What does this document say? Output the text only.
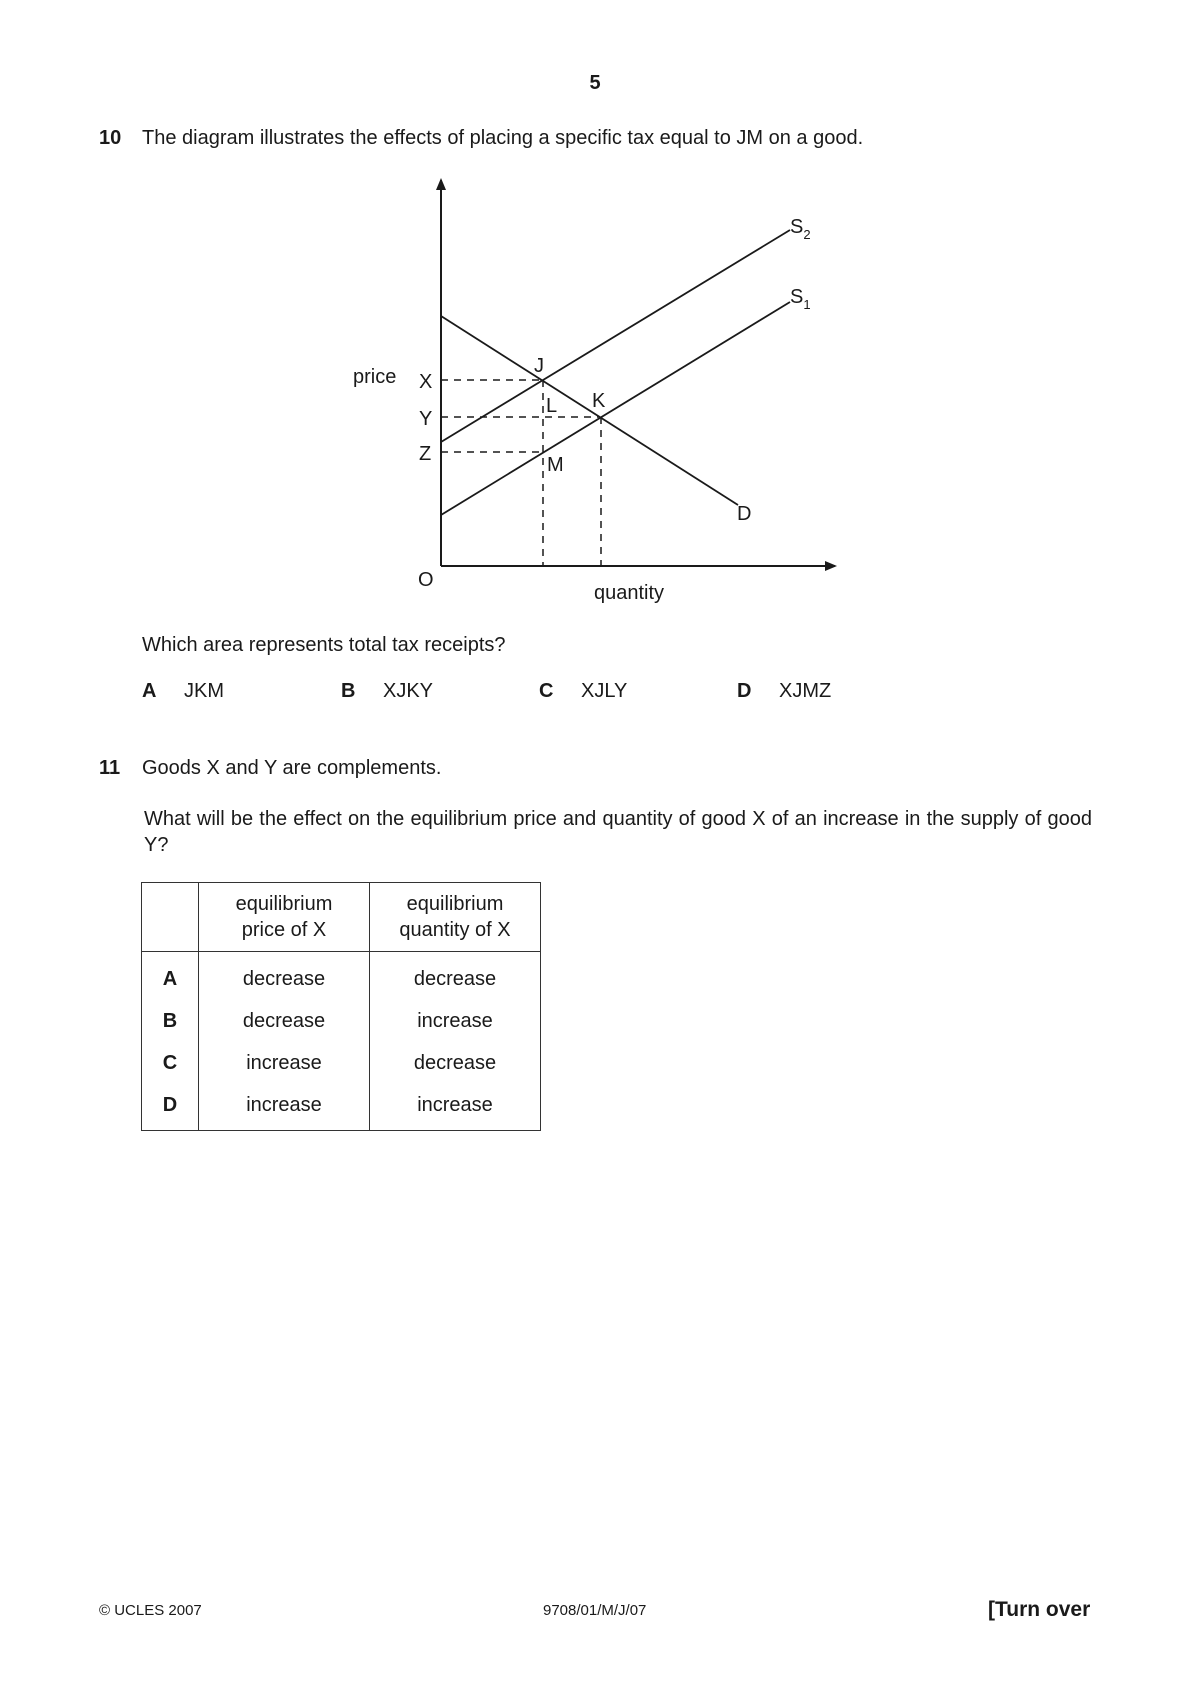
5
10 The diagram illustrates the effects of placing a specific tax equal to JM on a good.
price
quantity
O
X
Y
Z
J
K
L
M
$S_2$
$S_1$
D
Which area represents total tax receipts?
A JKM	B XJKY	C XJLY	D XJMZ
11 Goods X and Y are complements.
What will be the effect on the equilibrium price and quantity of good X of an increase in the supply of good Y?

	equilibrium price of X	equilibrium quantity of X

A	decrease	decrease
B	decrease	increase
C	increase	decrease
D	increase	increase
© UCLES 2007	9708/01/M/J/07	[Turn over
